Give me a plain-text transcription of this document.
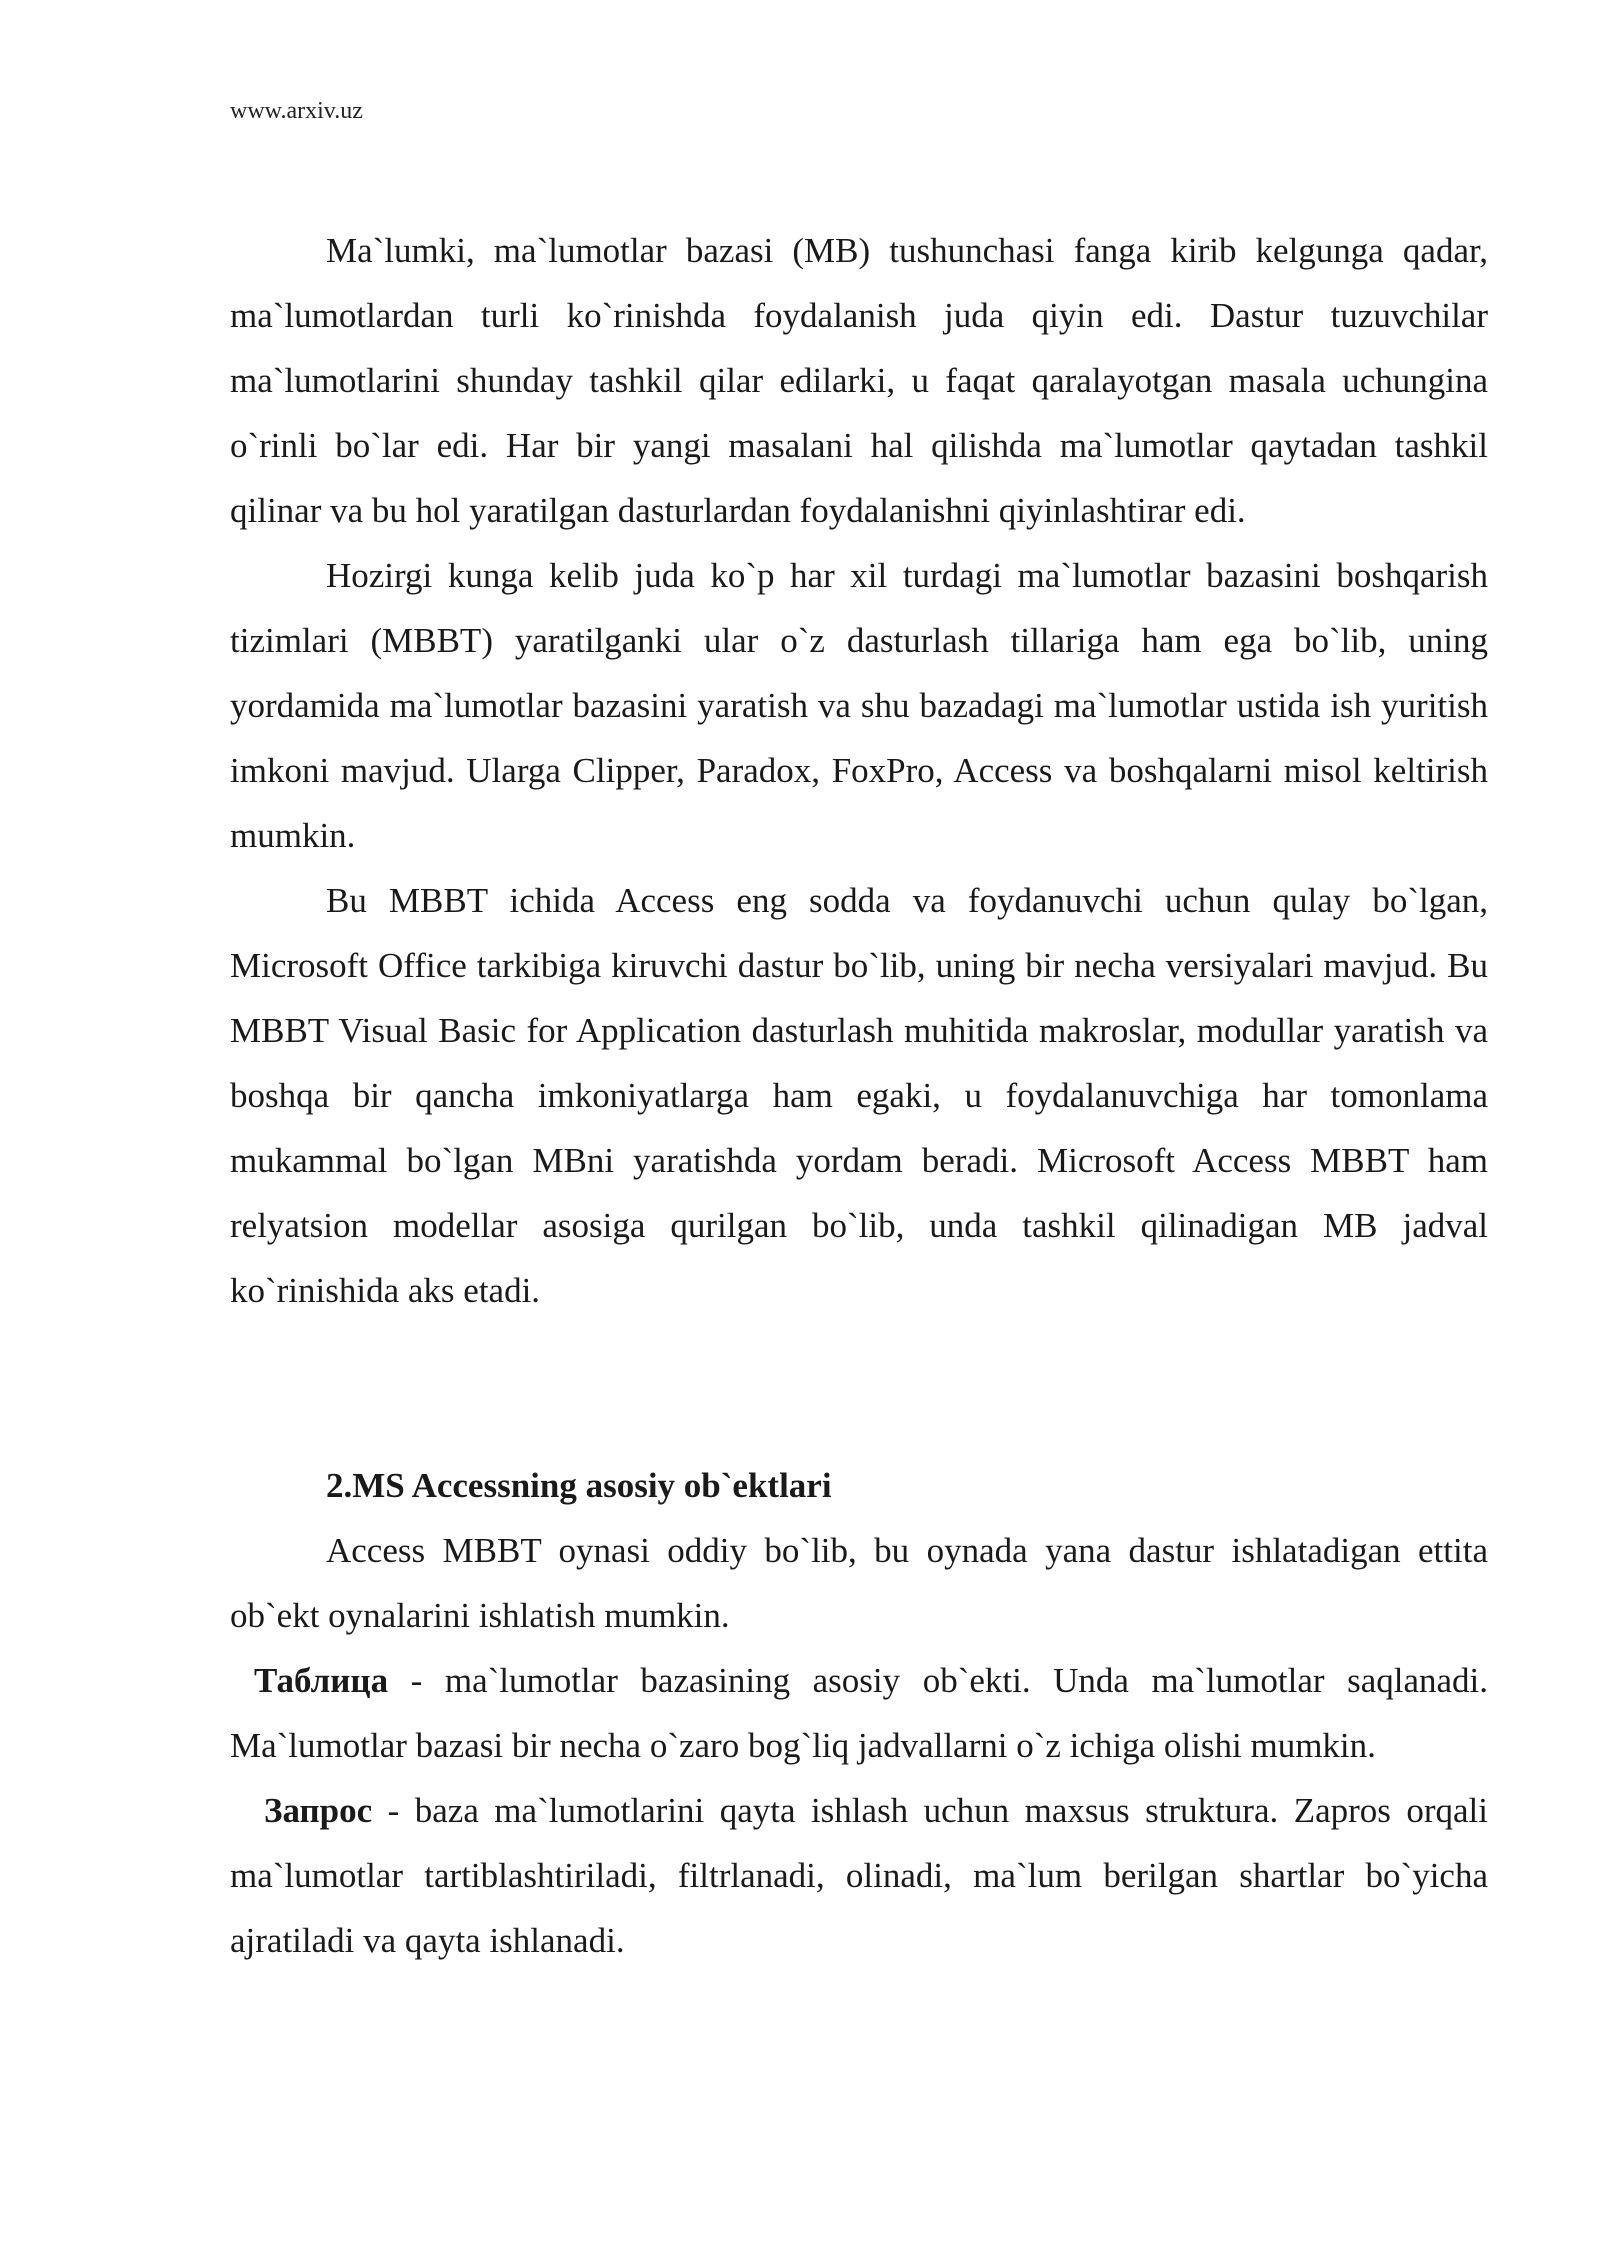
www.arxiv.uz

Ma`lumki, ma`lumotlar bazasi (MB) tushunchasi fanga kirib kelgunga qadar, ma`lumotlardan turli ko`rinishda foydalanish juda qiyin edi. Dastur tuzuvchilar ma`lumotlarini shunday tashkil qilar edilarki, u faqat qaralayotgan masala uchungina o`rinli bo`lar edi. Har bir yangi masalani hal qilishda ma`lumotlar qaytadan tashkil qilinar va bu hol yaratilgan dasturlardan foydalanishni qiyinlashtirar edi.

Hozirgi kunga kelib juda ko`p har xil turdagi ma`lumotlar bazasini boshqarish tizimlari (MBBT) yaratilganki ular o`z dasturlash tillariga ham ega bo`lib, uning yordamida ma`lumotlar bazasini yaratish va shu bazadagi ma`lumotlar ustida ish yuritish imkoni mavjud. Ularga Clipper, Paradox, FoxPro, Access va boshqalarni misol keltirish mumkin.

Bu MBBT ichida Access eng sodda va foydanuvchi uchun qulay bo`lgan, Microsoft Office tarkibiga kiruvchi dastur bo`lib, uning bir necha versiyalari mavjud. Bu MBBT Visual Basic for Application dasturlash muhitida makroslar, modullar yaratish va boshqa bir qancha imkoniyatlarga ham egaki, u foydalanuvchiga har tomonlama mukammal bo`lgan MBni yaratishda yordam beradi. Microsoft Access MBBT ham relyatsion modellar asosiga qurilgan bo`lib, unda tashkil qilinadigan MB jadval ko`rinishida aks etadi.

2.MS Accessning asosiy ob`ektlari

Access MBBT oynasi oddiy bo`lib, bu oynada yana dastur ishlatadigan ettita ob`ekt oynalarini ishlatish mumkin.

Таблица - ma`lumotlar bazasining asosiy ob`ekti. Unda ma`lumotlar saqlanadi. Ma`lumotlar bazasi bir necha o`zaro bog`liq jadvallarni o`z ichiga olishi mumkin.

Запрос - baza ma`lumotlarini qayta ishlash uchun maxsus struktura. Zapros orqali ma`lumotlar tartiblashtiriladi, filtrlanadi, olinadi, ma`lum berilgan shartlar bo`yicha ajratiladi va qayta ishlanadi.
